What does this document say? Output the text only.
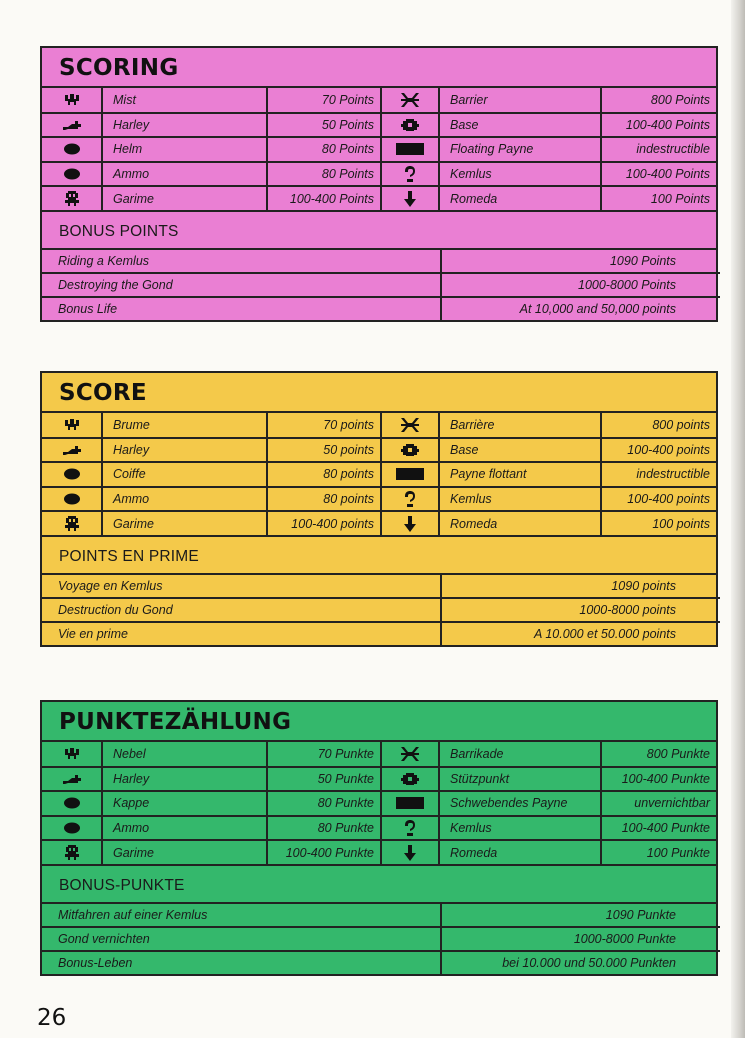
SCORING
	Mist	70 Points		Barrier	800 Points

	Harley	50 Points		Base	100-400 Points

	Helm	80 Points		Floating Payne	indestructible

	Ammo	80 Points		Kemlus	100-400 Points

	Garime	100-400 Points		Romeda	100 Points
BONUS POINTS
Riding a Kemlus	1090 Points
Destroying the Gond	1000-8000 Points
Bonus Life	At 10,000 and 50,000 points
SCORE
	Brume	70 points		Barrière	800 points

	Harley	50 points		Base	100-400 points

	Coiffe	80 points		Payne flottant	indestructible

	Ammo	80 points		Kemlus	100-400 points

	Garime	100-400 points		Romeda	100 points
POINTS EN PRIME
Voyage en Kemlus	1090 points
Destruction du Gond	1000-8000 points
Vie en prime	A 10.000 et 50.000 points
PUNKTEZÄHLUNG
	Nebel	70 Punkte		Barrikade	800 Punkte

	Harley	50 Punkte		Stützpunkt	100-400 Punkte

	Kappe	80 Punkte		Schwebendes Payne	unvernichtbar

	Ammo	80 Punkte		Kemlus	100-400 Punkte

	Garime	100-400 Punkte		Romeda	100 Punkte
BONUS-PUNKTE
Mitfahren auf einer Kemlus	1090 Punkte
Gond vernichten	1000-8000 Punkte
Bonus-Leben	bei 10.000 und 50.000 Punkten
26
